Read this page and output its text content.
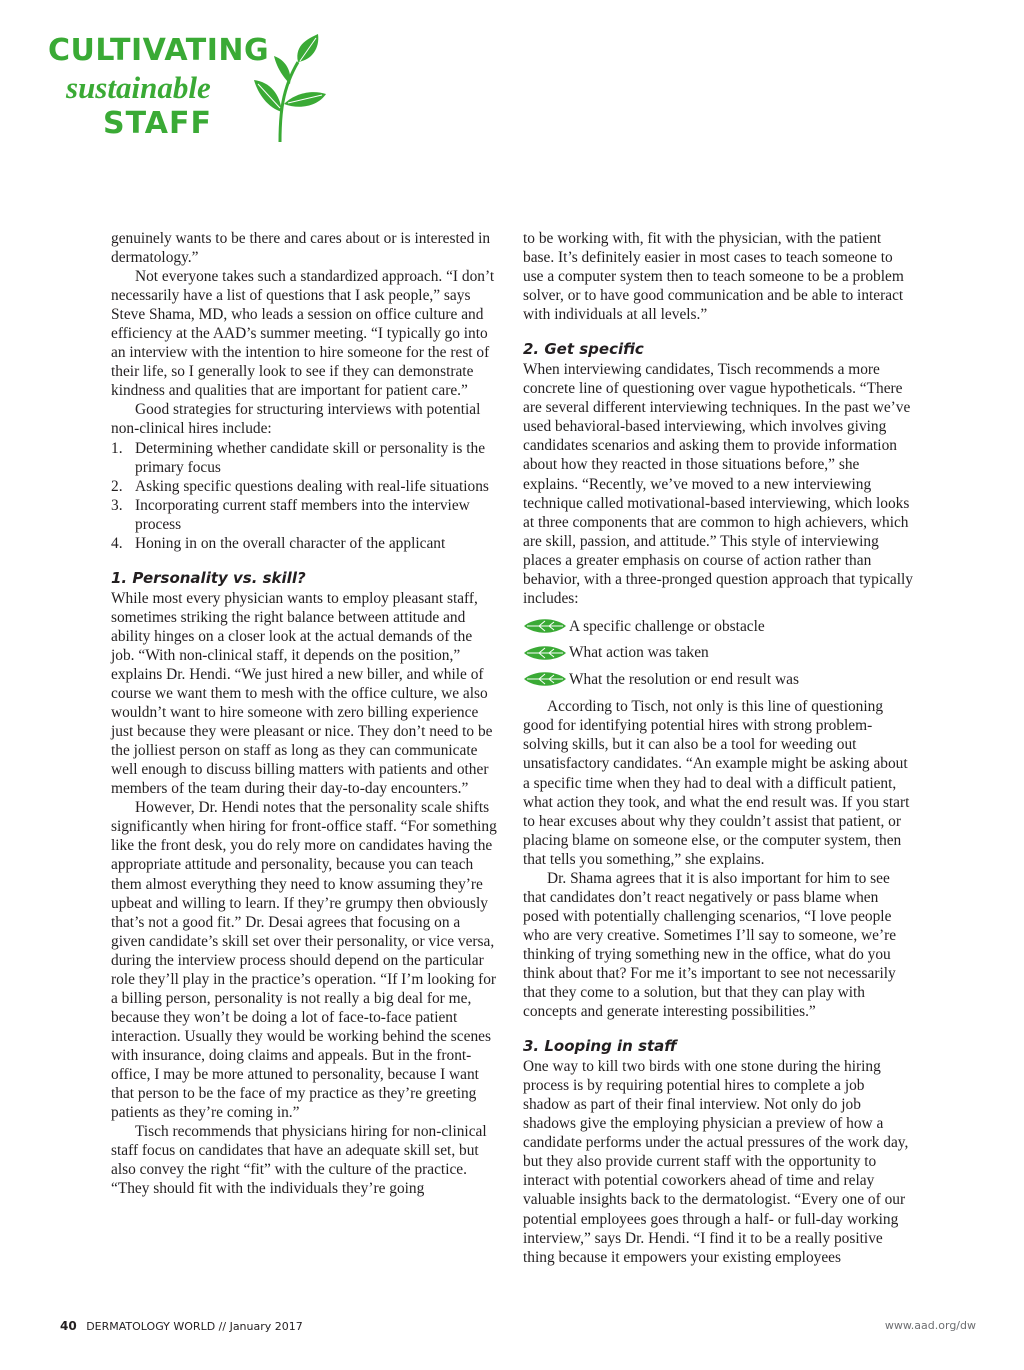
CULTIVATING
sustainable
STAFF

genuinely wants to be there and cares about or is interested in dermatology.”

Not everyone takes such a standardized approach. “I don’t necessarily have a list of questions that I ask people,” says Steve Shama, MD, who leads a session on office culture and efficiency at the AAD’s summer meeting. “I typically go into an interview with the intention to hire someone for the rest of their life, so I generally look to see if they can demonstrate kindness and qualities that are important for patient care.”

Good strategies for structuring interviews with potential non-clinical hires include:

1. Determining whether candidate skill or personality is the primary focus
2. Asking specific questions dealing with real-life situations
3. Incorporating current staff members into the interview process
4. Honing in on the overall character of the applicant
1. Personality vs. skill?

While most every physician wants to employ pleasant staff, sometimes striking the right balance between attitude and ability hinges on a closer look at the actual demands of the job. “With non-clinical staff, it depends on the position,” explains Dr. Hendi. “We just hired a new biller, and while of course we want them to mesh with the office culture, we also wouldn’t want to hire someone with zero billing experience just because they were pleasant or nice. They don’t need to be the jolliest person on staff as long as they can communicate well enough to discuss billing matters with patients and other members of the team during their day-to-day encounters.”

However, Dr. Hendi notes that the personality scale shifts significantly when hiring for front-office staff. “For something like the front desk, you do rely more on candidates having the appropriate attitude and personality, because you can teach them almost everything they need to know assuming they’re upbeat and willing to learn. If they’re grumpy then obviously that’s not a good fit.” Dr. Desai agrees that focusing on a given candidate’s skill set over their personality, or vice versa, during the interview process should depend on the particular role they’ll play in the practice’s operation. “If I’m looking for a billing person, personality is not really a big deal for me, because they won’t be doing a lot of face-to-face patient interaction. Usually they would be working behind the scenes with insurance, doing claims and appeals. But in the front-office, I may be more attuned to personality, because I want that person to be the face of my practice as they’re greeting patients as they’re coming in.”

Tisch recommends that physicians hiring for non-clinical staff focus on candidates that have an adequate skill set, but also convey the right “fit” with the culture of the practice. “They should fit with the individuals they’re going

to be working with, fit with the physician, with the patient base. It’s definitely easier in most cases to teach someone to use a computer system then to teach someone to be a problem solver, or to have good communication and be able to interact with individuals at all levels.”

2. Get specific

When interviewing candidates, Tisch recommends a more concrete line of questioning over vague hypotheticals. “There are several different interviewing techniques. In the past we’ve used behavioral-based interviewing, which involves giving candidates scenarios and asking them to provide information about how they reacted in those situations before,” she explains. “Recently, we’ve moved to a new interviewing technique called motivational-based interviewing, which looks at three components that are common to high achievers, which are skill, passion, and attitude.” This style of interviewing places a greater emphasis on course of action rather than behavior, with a three-pronged question approach that typically includes:

A specific challenge or obstacle
What action was taken
What the resolution or end result was

According to Tisch, not only is this line of questioning good for identifying potential hires with strong problem-solving skills, but it can also be a tool for weeding out unsatisfactory candidates. “An example might be asking about a specific time when they had to deal with a difficult patient, what action they took, and what the end result was. If you start to hear excuses about why they couldn’t assist that patient, or placing blame on someone else, or the computer system, then that tells you something,” she explains.

Dr. Shama agrees that it is also important for him to see that candidates don’t react negatively or pass blame when posed with potentially challenging scenarios, “I love people who are very creative. Sometimes I’ll say to someone, we’re thinking of trying something new in the office, what do you think about that? For me it’s important to see not necessarily that they come to a solution, but that they can play with concepts and generate interesting possibilities.”

3. Looping in staff

One way to kill two birds with one stone during the hiring process is by requiring potential hires to complete a job shadow as part of their final interview. Not only do job shadows give the employing physician a preview of how a candidate performs under the actual pressures of the work day, but they also provide current staff with the opportunity to interact with potential coworkers ahead of time and relay valuable insights back to the dermatologist. “Every one of our potential employees goes through a half- or full-day working interview,” says Dr. Hendi. “I find it to be a really positive thing because it empowers your existing employees

40 DERMATOLOGY WORLD // January 2017	www.aad.org/dw
